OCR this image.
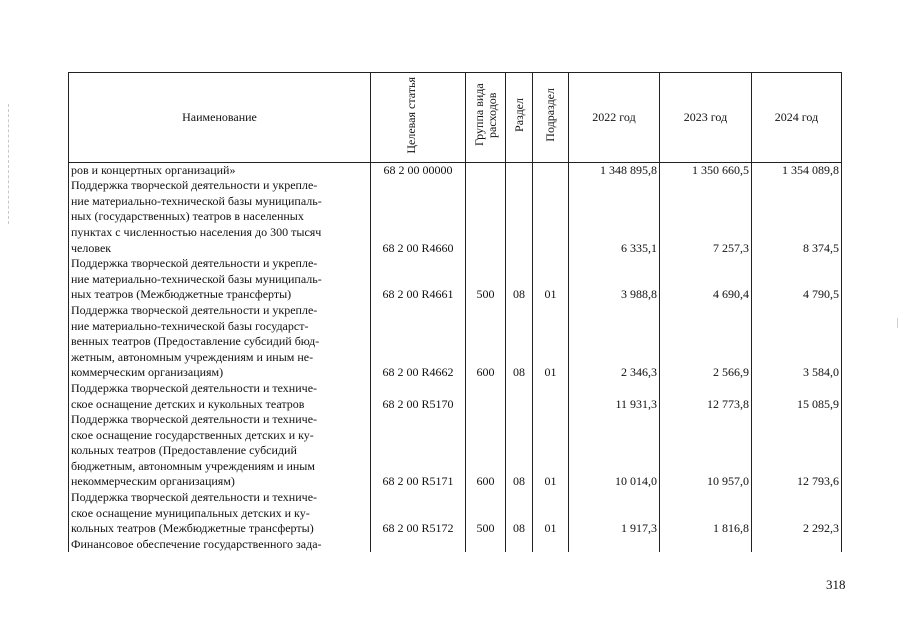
Наименование	Целевая статья	Группа вида расходов	Раздел	Подраздел	2022 год	2023 год	2024 год

ров и концертных организаций»	68 2 00 00000				1 348 895,8	1 350 660,5	1 354 089,8

Поддержка творческой деятельности и укрепле-
ние материально-технической базы муниципаль-
ных (государственных) театров в населенных
пунктах с численностью населения до 300 тысяч
человек	68 2 00 R4660				6 335,1	7 257,3	8 374,5

Поддержка творческой деятельности и укрепле-
ние материально-технической базы муниципаль-
ных театров (Межбюджетные трансферты)	68 2 00 R4661	500	08	01	3 988,8	4 690,4	4 790,5

Поддержка творческой деятельности и укрепле-
ние материально-технической базы государст-
венных театров (Предоставление субсидий бюд-
жетным, автономным учреждениям и иным не-
коммерческим организациям)	68 2 00 R4662	600	08	01	2 346,3	2 566,9	3 584,0

Поддержка творческой деятельности и техниче-
ское оснащение детских и кукольных театров	68 2 00 R5170				11 931,3	12 773,8	15 085,9

Поддержка творческой деятельности и техниче-
ское оснащение государственных детских и ку-
кольных театров (Предоставление субсидий
бюджетным, автономным учреждениям и иным
некоммерческим организациям)	68 2 00 R5171	600	08	01	10 014,0	10 957,0	12 793,6

Поддержка творческой деятельности и техниче-
ское оснащение муниципальных детских и ку-
кольных театров (Межбюджетные трансферты)	68 2 00 R5172	500	08	01	1 917,3	1 816,8	2 292,3

Финансовое обеспечение государственного зада-							

318
